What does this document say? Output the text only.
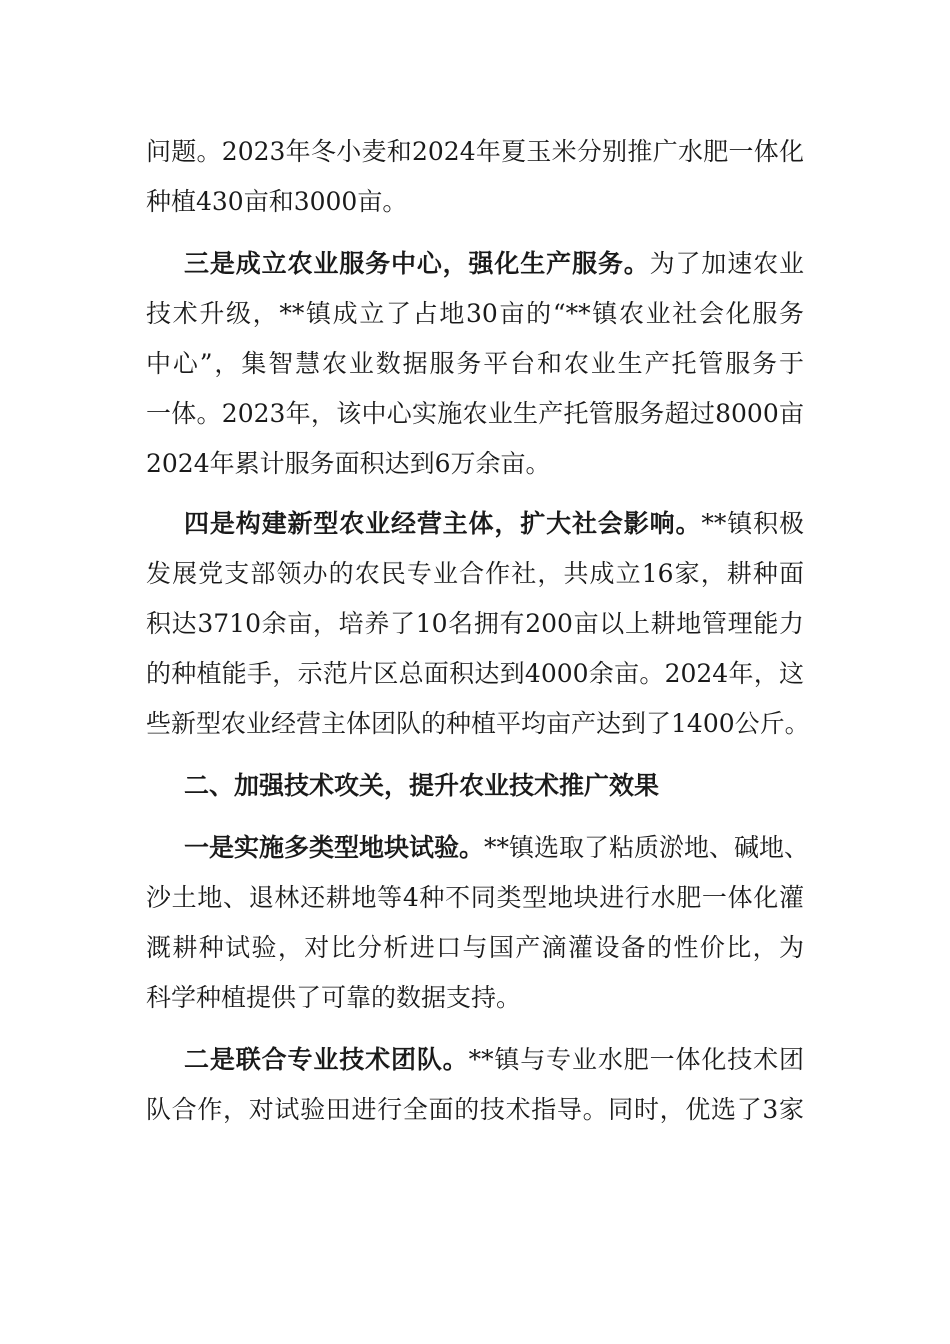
问题。2023年冬小麦和2024年夏玉米分别推广水肥一体化
种植430亩和3000亩。
三是成立农业服务中心，强化生产服务。为了加速农业
技术升级，**镇成立了占地30亩的“**镇农业社会化服务
中心”，集智慧农业数据服务平台和农业生产托管服务于
一体。2023年，该中心实施农业生产托管服务超过8000亩
2024年累计服务面积达到6万余亩。
四是构建新型农业经营主体，扩大社会影响。**镇积极
发展党支部领办的农民专业合作社，共成立16家，耕种面
积达3710余亩，培养了10名拥有200亩以上耕地管理能力
的种植能手，示范片区总面积达到4000余亩。2024年，这
些新型农业经营主体团队的种植平均亩产达到了1400公斤。
二、加强技术攻关，提升农业技术推广效果
一是实施多类型地块试验。**镇选取了粘质淤地、碱地、
沙土地、退林还耕地等4种不同类型地块进行水肥一体化灌
溉耕种试验，对比分析进口与国产滴灌设备的性价比，为
科学种植提供了可靠的数据支持。
二是联合专业技术团队。**镇与专业水肥一体化技术团
队合作，对试验田进行全面的技术指导。同时，优选了3家
